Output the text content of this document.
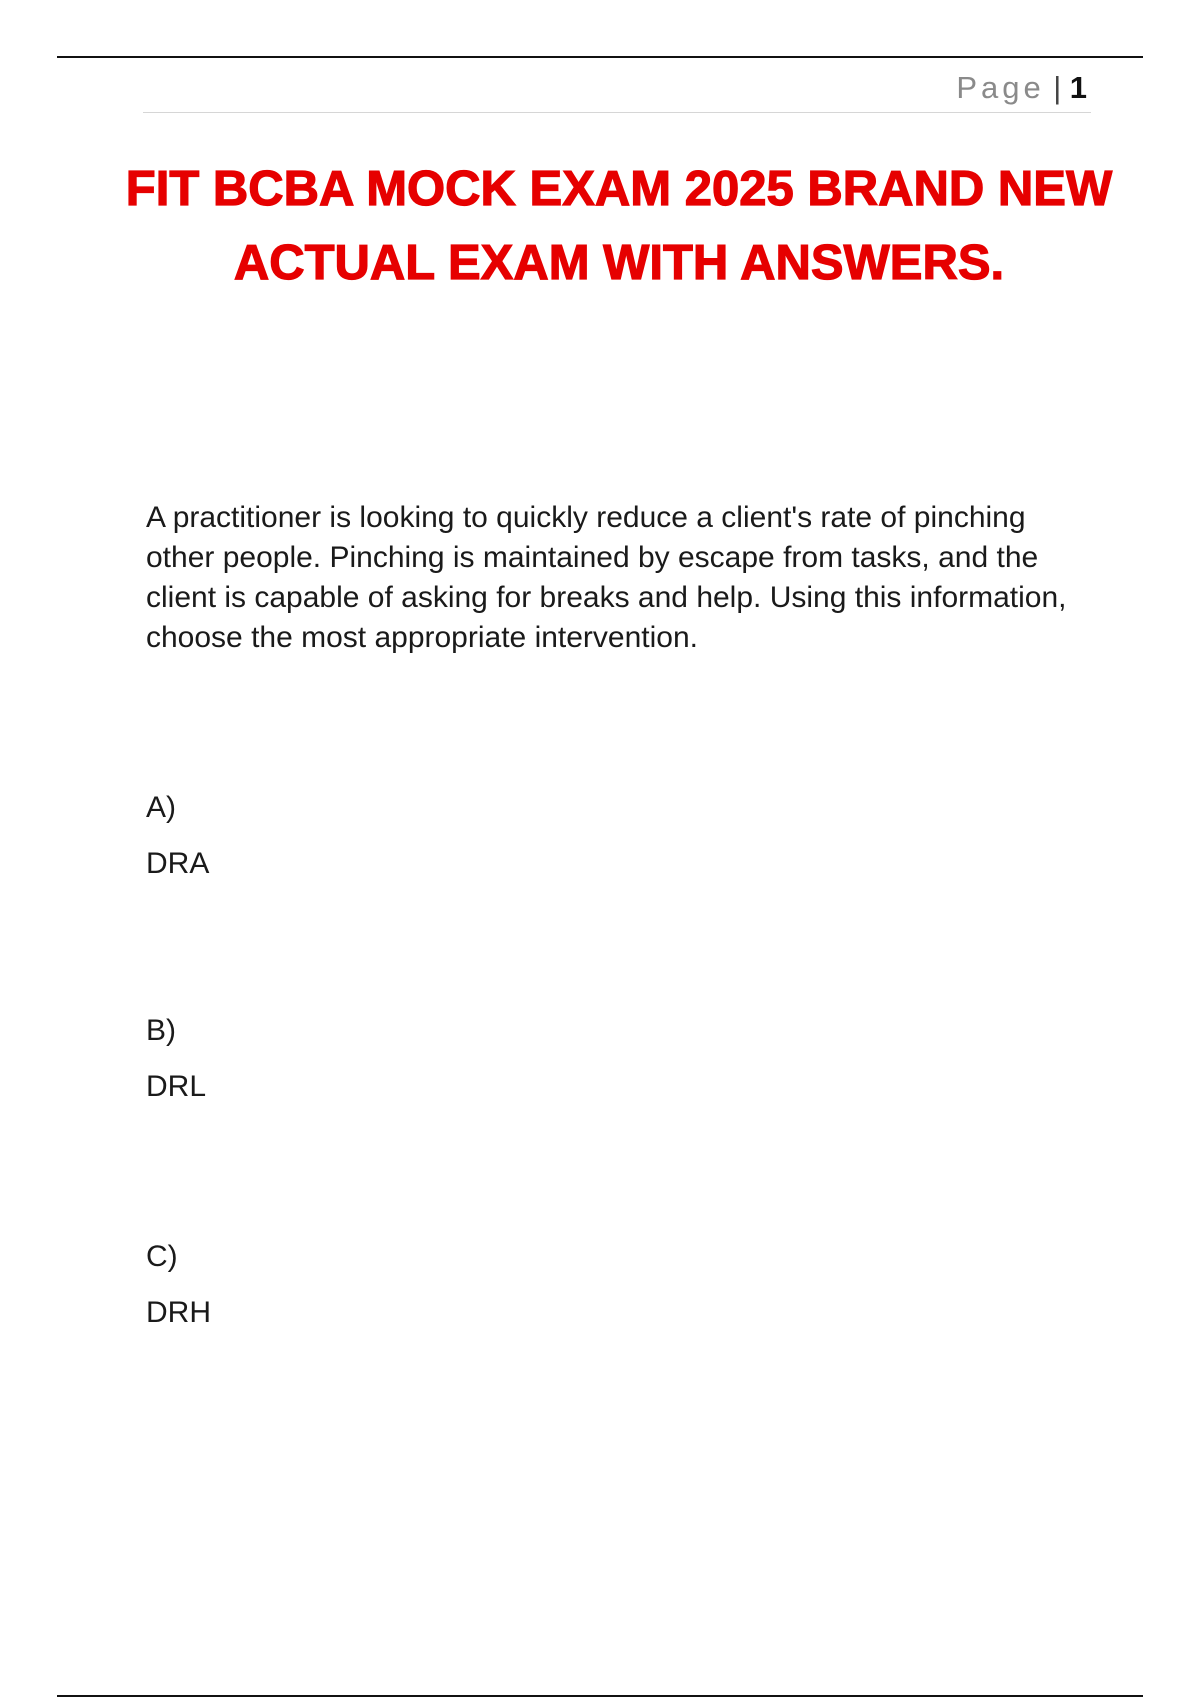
Page | 1
FIT BCBA MOCK EXAM 2025 BRAND NEW ACTUAL EXAM WITH ANSWERS.

A practitioner is looking to quickly reduce a client's rate of pinching other people. Pinching is maintained by escape from tasks, and the client is capable of asking for breaks and help. Using this information, choose the most appropriate intervention.

A)
DRA
B)
DRL
C)
DRH
